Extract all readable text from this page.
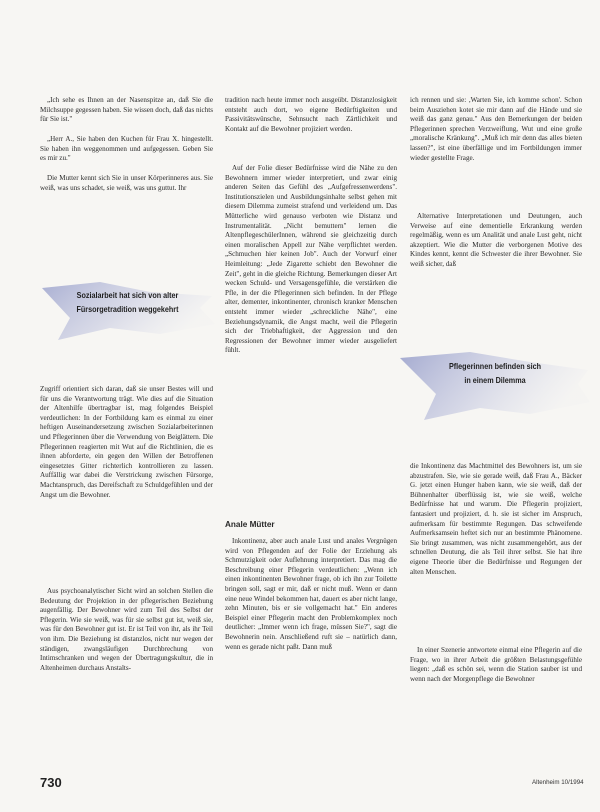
„Ich sehe es Ihnen an der Nasenspitze an, daß Sie die Milchsuppe gegessen haben. Sie wissen doch, daß das nichts für Sie ist."

„Herr A., Sie haben den Kuchen für Frau X. hingestellt. Sie haben ihn weggenommen und aufgegessen. Geben Sie es mir zu."

Die Mutter kennt sich Sie in unser Körperinneres aus. Sie weiß, was uns schadet, sie weiß, was uns guttut. Ihr

Sozialarbeit hat sich von alter
Fürsorgetradition weggekehrt

Zugriff orientiert sich daran, daß sie unser Bestes will und für uns die Verantwortung trägt. Wie dies auf die Situation der Altenhilfe übertragbar ist, mag folgendes Beispiel verdeutlichen: In der Fortbildung kam es einmal zu einer heftigen Auseinandersetzung zwischen Sozialarbeiterinnen und Pflegerinnen über die Verwendung von Beiglättern. Die Pflegerinnen reagierten mit Wut auf die Richtlinien, die es ihnen abforderte, ein gegen den Willen der Betroffenen eingesetztes Gitter richterlich kontrollieren zu lassen. Auffällig war dabei die Verstrickung zwischen Fürsorge, Machtanspruch, das Dereifschaft zu Schuldgefühlen und der Angst um die Bewohner.

Aus psychoanalytischer Sicht wird an solchen Stellen die Bedeutung der Projektion in der pflegerischen Beziehung augenfällig. Der Bewohner wird zum Teil des Selbst der Pflegerin. Wie sie weiß, was für sie selbst gut ist, weiß sie, was für den Bewohner gut ist. Er ist Teil von ihr, als ihr Teil von ihm. Die Beziehung ist distanzlos, nicht nur wegen der ständigen, zwangsläufigen Durchbrechung von Intimschranken und wegen der Übertragungskultur, die in Altenheimen durchaus Anstalts-

tradition nach heute immer noch ausgeübt. Distanzlosigkeit entsteht auch dort, wo eigene Bedürftigkeiten und Passivitätswünsche, Sehnsucht nach Zärtlichkeit und Kontakt auf die Bewohner projiziert werden.

Auf der Folie dieser Bedürfnisse wird die Nähe zu den Bewohnern immer wieder interpretiert, und zwar einig anderen Seiten das Gefühl des „Aufgefressenwerdens". Institutionszielen und Ausbildungsinhalte selbst gehen mit diesem Dilemma zumeist strafend und verleidend um. Das Mütterliche wird genauso verboten wie Distanz und Instrumentalität. „Nicht bemuttern" lernen die AltenpflegeschülerInnen, während sie gleichzeitig durch einen moralischen Appell zur Nähe verpflichtet werden. „Schmuchen hier keinen Job". Auch der Vorwurf einer Heimleitung: „Jede Zigarette schiebt den Bewohner die Zeit", geht in die gleiche Richtung. Bemerkungen dieser Art wecken Schuld- und Versagensgefühle, die verstärken die Pfle, in der die Pflegerinnen sich befinden. In der Pflege alter, dementer, inkontinenter, chronisch kranker Menschen entsteht immer wieder „schreckliche Nähe", eine Beziehungsdynamik, die Angst macht, weil die Pflegerin sich der Triebhaftigkeit, der Aggression und den Regressionen der Bewohner immer wieder ausgeliefert fühlt.

Anale Mütter

Inkontinenz, aber auch anale Lust und anales Vergnügen wird von Pflegenden auf der Folie der Erziehung als Schmutzigkeit oder Auflehnung interpretiert. Das mag die Beschreibung einer Pflegerin verdeutlichen: „Wenn ich einen inkontinenten Bewohner frage, ob ich ihn zur Toilette bringen soll, sagt er mir, daß er nicht muß. Wenn er dann eine neue Windel bekommen hat, dauert es aber nicht lange, zehn Minuten, bis er sie vollgemacht hat." Ein anderes Beispiel einer Pflegerin macht den Problemkomplex noch deutlicher: „Immer wenn ich frage, müssen Sie?", sagt die Bewohnerin nein. Anschließend ruft sie – natürlich dann, wenn es gerade nicht paßt. Dann muß

ich rennen und sie: ,Warten Sie, ich komme schon'. Schon beim Ausziehen kotet sie mir dann auf die Hände und sie weiß das ganz genau." Aus den Bemerkungen der beiden Pflegerinnen sprechen Verzweiflung, Wut und eine große „moralische Kränkung". „Muß ich mir denn das alles bieten lassen?", ist eine überfällige und im Fortbildungen immer wieder gestellte Frage.

Alternative Interpretationen und Deutungen, auch Verweise auf eine dementielle Erkrankung werden regelmäßig, wenn es um Analität und anale Lust geht, nicht akzeptiert. Wie die Mutter die verborgenen Motive des Kindes kennt, kennt die Schwester die ihrer Bewohner. Sie weiß sicher, daß

Pflegerinnen befinden sich
in einem Dilemma

die Inkontinenz das Machtmittel des Bewohners ist, um sie abzustrafen. Sie, wie sie gerade weiß, daß Frau A., Bäcker G. jetzt einen Hunger haben kann, wie sie weiß, daß der Bühnenhalter überflüssig ist, wie sie weiß, welche Bedürfnisse hat und warum. Die Pflegerin projiziert, fantasiert und projiziert, d. h. sie ist sicher im Anspruch, aufmerksam für bestimmte Regungen. Das schweifende Aufmerksamsein heftet sich nur an bestimmte Phänomene. Sie bringt zusammen, was nicht zusammengehört, aus der schnellen Deutung, die als Teil ihrer selbst. Sie hat ihre eigene Theorie über die Bedürfnisse und Regungen der alten Menschen.

In einer Szenerie antwortete einmal eine Pflegerin auf die Frage, wo in ihrer Arbeit die größten Belastungsgefühle liegen: „daß es schön sei, wenn die Station sauber ist und wenn nach der Morgenpflege die Bewohner

730	Altenheim 10/1994
